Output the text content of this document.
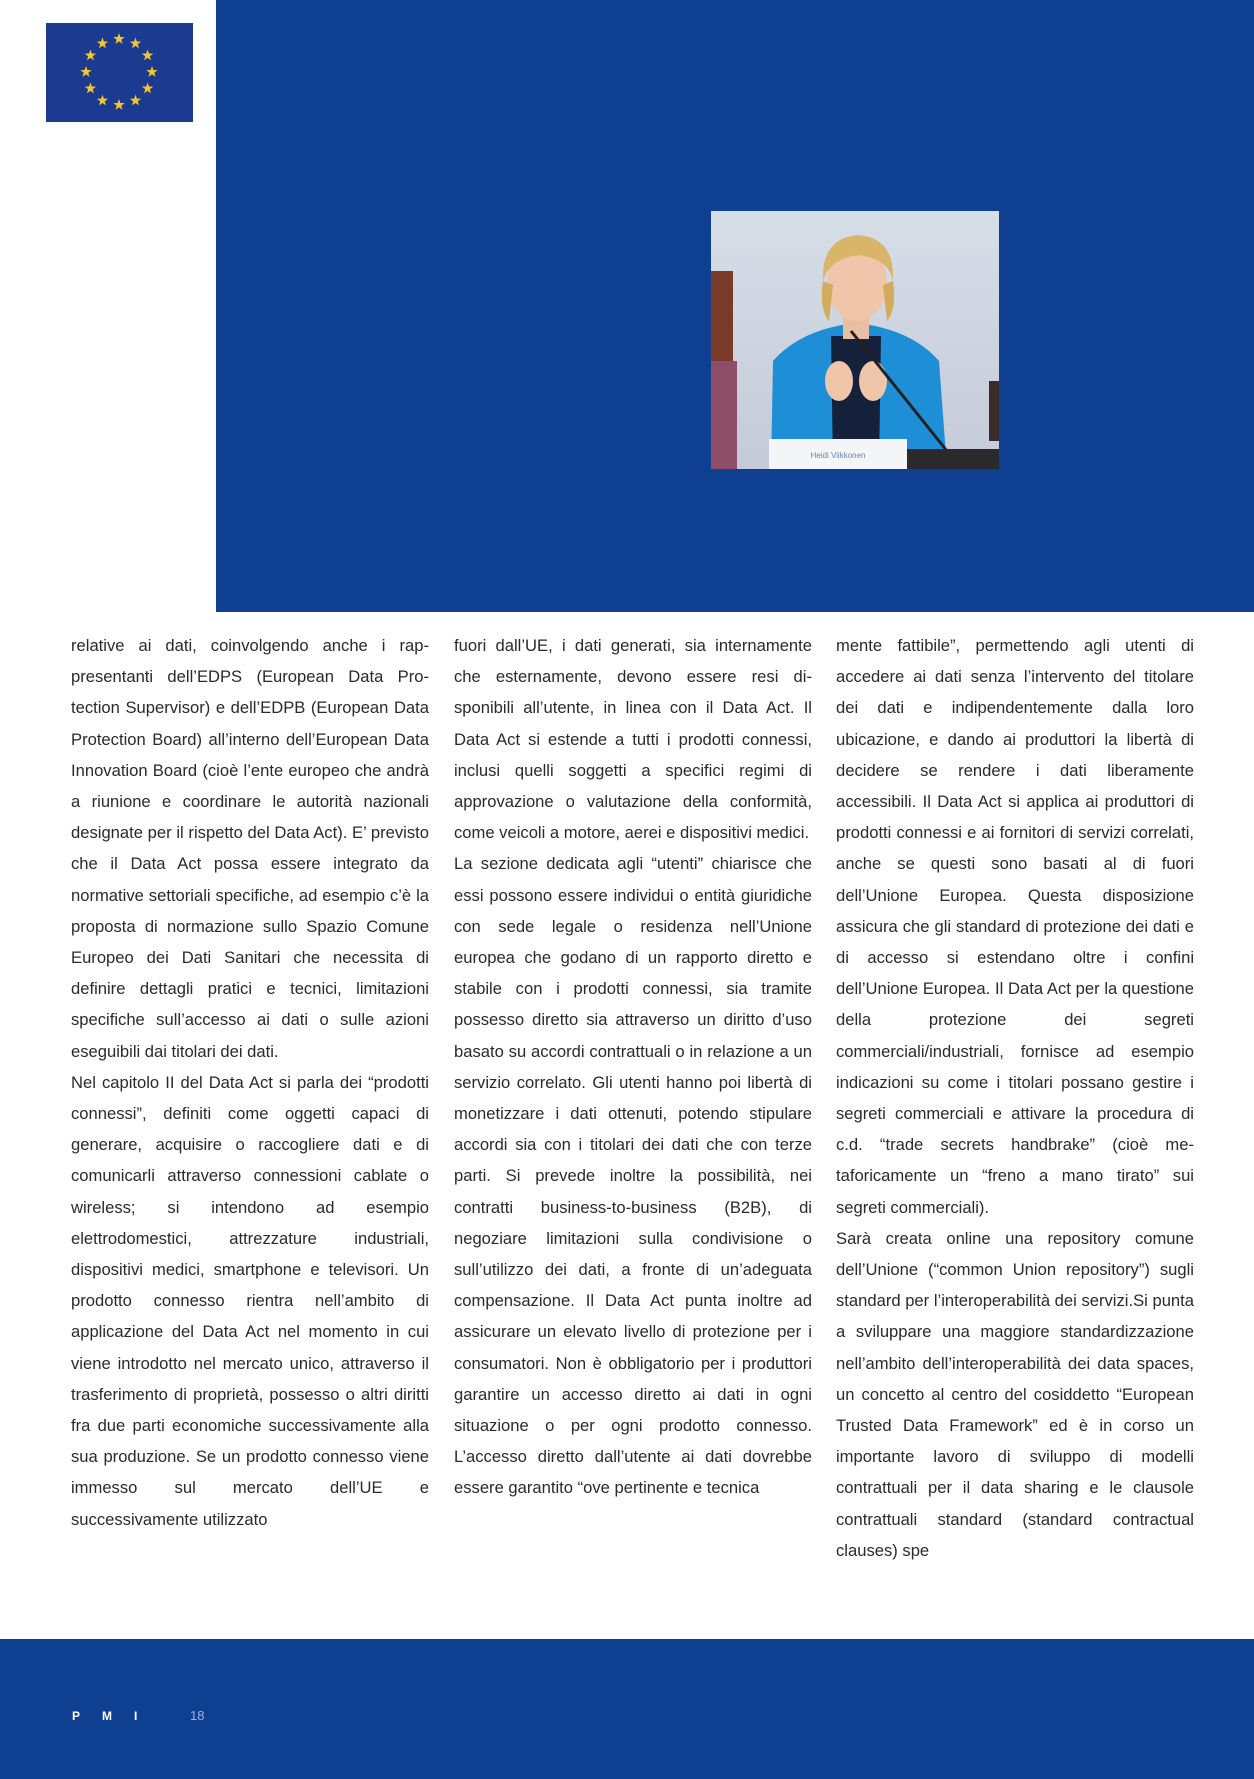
Heidi Viikkonen

relative ai dati, coinvolgendo anche i rappresentanti dell’EDPS (European Data Protection Supervisor) e dell’EDPB (European Data Protection Board) all’interno dell’European Data Innovation Board (cioè l’ente europeo che andrà a riunione e coordinare le autorità nazionali designate per il rispetto del Data Act). E’ previsto che il Data Act possa essere integrato da normative settoriali specifiche, ad esempio c’è la proposta di normazione sullo Spazio Comune Europeo dei Dati Sanitari che necessita di definire dettagli pratici e tecnici, limitazioni specifiche sull’accesso ai dati o sulle azioni eseguibili dai titolari dei dati.

Nel capitolo II del Data Act si parla dei “prodotti connessi”, definiti come oggetti capaci di generare, acquisire o raccogliere dati e di comunicarli attraverso connessioni cablate o wireless; si intendono ad esempio elettrodomestici, attrezzature industriali, dispositivi medici, smartphone e televisori. Un prodotto connesso rientra nell’ambito di applicazione del Data Act nel momento in cui viene introdotto nel mercato unico, attraverso il trasferimento di proprietà, possesso o altri diritti fra due parti economiche successivamente alla sua produzione. Se un prodotto connesso viene immesso sul mercato dell’UE e successivamente utilizzato

fuori dall’UE, i dati generati, sia internamente che esternamente, devono essere resi disponibili all’utente, in linea con il Data Act. Il Data Act si estende a tutti i prodotti connessi, inclusi quelli soggetti a specifici regimi di approvazione o valutazione della conformità, come veicoli a motore, aerei e dispositivi medici.

La sezione dedicata agli “utenti” chiarisce che essi possono essere individui o entità giuridiche con sede legale o residenza nell’Unione europea che godano di un rapporto diretto e stabile con i prodotti connessi, sia tramite possesso diretto sia attraverso un diritto d’uso basato su accordi contrattuali o in relazione a un servizio correlato. Gli utenti hanno poi libertà di monetizzare i dati ottenuti, potendo stipulare accordi sia con i titolari dei dati che con terze parti. Si prevede inoltre la possibilità, nei contratti business-to-business (B2B), di negoziare limitazioni sulla condivisione o sull’utilizzo dei dati, a fronte di un’adeguata compensazione. Il Data Act punta inoltre ad assicurare un elevato livello di protezione per i consumatori. Non è obbligatorio per i produttori garantire un accesso diretto ai dati in ogni situazione o per ogni prodotto connesso. L’accesso diretto dall’utente ai dati dovrebbe essere garantito “ove pertinente e tecnica

mente fattibile”, permettendo agli utenti di accedere ai dati senza l’intervento del titolare dei dati e indipendentemente dalla loro ubicazione, e dando ai produttori la libertà di decidere se rendere i dati liberamente accessibili. Il Data Act si applica ai produttori di prodotti connessi e ai fornitori di servizi correlati, anche se questi sono basati al di fuori dell’Unione Europea. Questa disposizione assicura che gli standard di protezione dei dati e di accesso si estendano oltre i confini dell’Unione Europea. Il Data Act per la questione della protezione dei segreti commerciali/industriali, fornisce ad esempio indicazioni su come i titolari possano gestire i segreti commerciali e attivare la procedura di c.d. “trade secrets handbrake” (cioè metaforicamente un “freno a mano tirato” sui segreti commerciali).

Sarà creata online una repository comune dell’Unione (“common Union repository”) sugli standard per l’interoperabilità dei servizi.Si punta a sviluppare una maggiore standardizzazione nell’ambito dell’interoperabilità dei data spaces, un concetto al centro del cosiddetto “European Trusted Data Framework” ed è in corso un importante lavoro di sviluppo di modelli contrattuali per il data sharing e le clausole contrattuali standard (standard contractual clauses) spe

PMI 18
